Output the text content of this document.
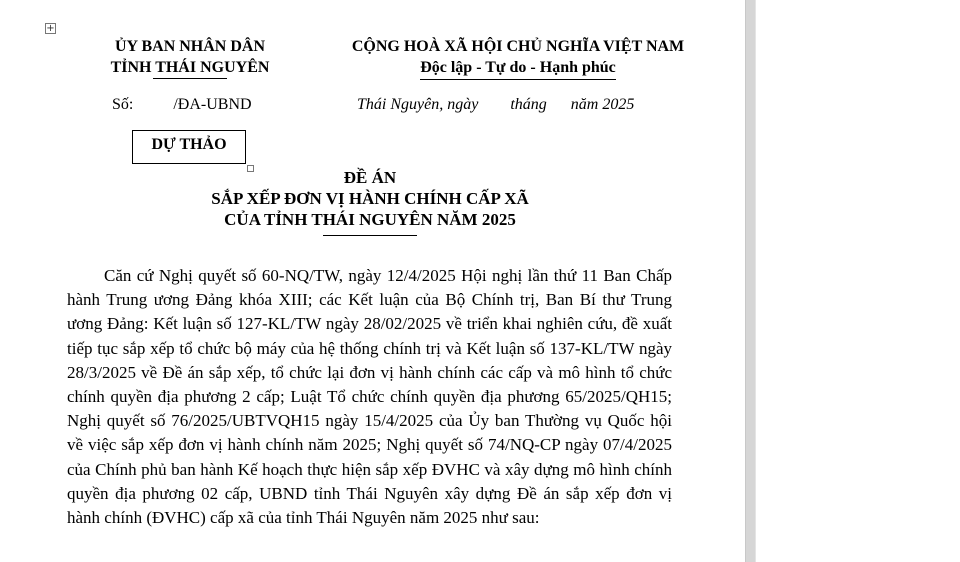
+
ỦY BAN NHÂN DÂN
TỈNH THÁI NGUYÊN
CỘNG HOÀ XÃ HỘI CHỦ NGHĨA VIỆT NAM
Độc lập - Tự do - Hạnh phúc
Số:	/ĐA-UBND	Thái Nguyên, ngày        tháng      năm 2025
DỰ THẢO
ĐỀ ÁN
SẮP XẾP ĐƠN VỊ HÀNH CHÍNH CẤP XÃ
CỦA TỈNH THÁI NGUYÊN NĂM 2025
Căn cứ Nghị quyết số 60-NQ/TW, ngày 12/4/2025 Hội nghị lần thứ 11 Ban Chấp hành Trung ương Đảng khóa XIII; các Kết luận của Bộ Chính trị, Ban Bí thư Trung ương Đảng: Kết luận số 127-KL/TW ngày 28/02/2025 về triển khai nghiên cứu, đề xuất tiếp tục sắp xếp tổ chức bộ máy của hệ thống chính trị và Kết luận số 137-KL/TW ngày 28/3/2025 về Đề án sắp xếp, tổ chức lại đơn vị hành chính các cấp và mô hình tổ chức chính quyền địa phương 2 cấp; Luật Tổ chức chính quyền địa phương 65/2025/QH15; Nghị quyết số 76/2025/UBTVQH15 ngày 15/4/2025 của Ủy ban Thường vụ Quốc hội về việc sắp xếp đơn vị hành chính năm 2025; Nghị quyết số 74/NQ-CP ngày 07/4/2025 của Chính phủ ban hành Kế hoạch thực hiện sắp xếp ĐVHC và xây dựng mô hình chính quyền địa phương 02 cấp, UBND tỉnh Thái Nguyên xây dựng Đề án sắp xếp đơn vị hành chính (ĐVHC) cấp xã của tỉnh Thái Nguyên năm 2025 như sau:
